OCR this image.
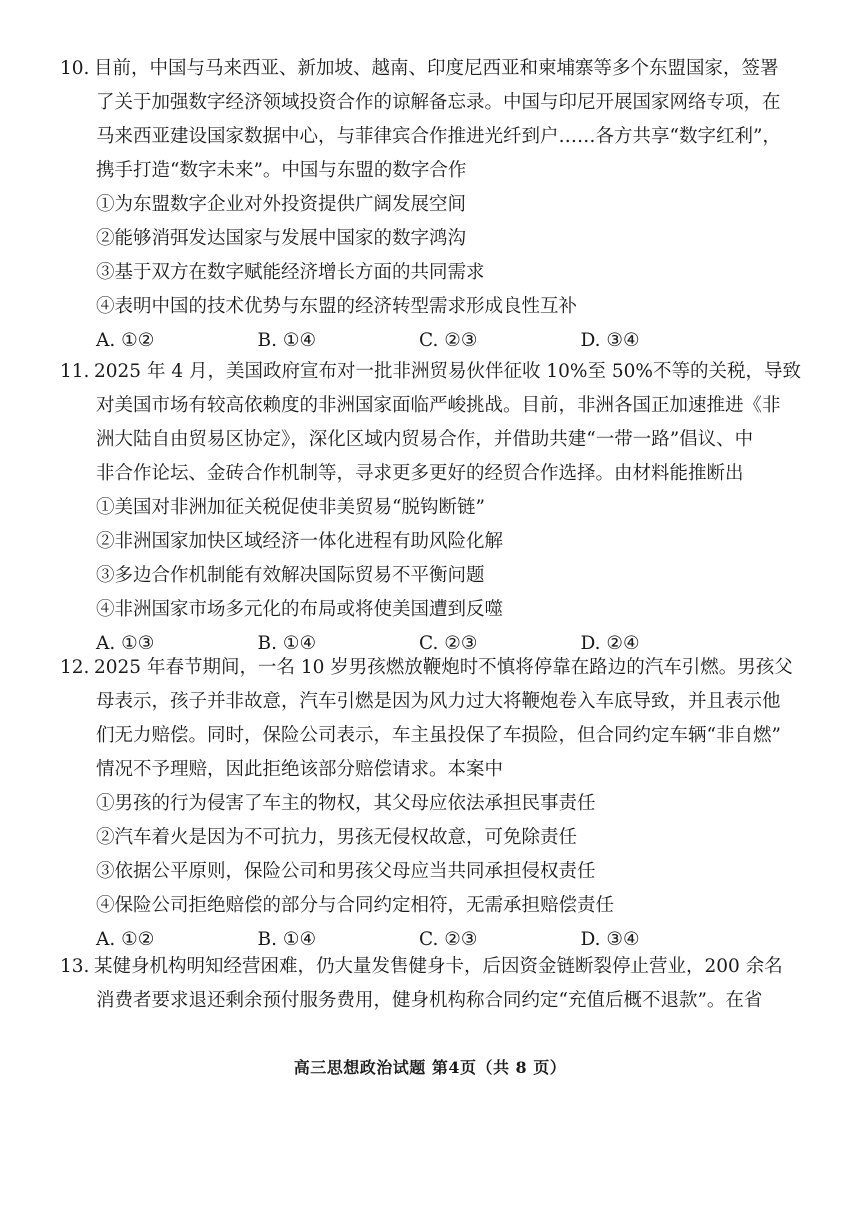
10. 目前，中国与马来西亚、新加坡、越南、印度尼西亚和柬埔寨等多个东盟国家，签署
了关于加强数字经济领域投资合作的谅解备忘录。中国与印尼开展国家网络专项，在
马来西亚建设国家数据中心，与菲律宾合作推进光纤到户……各方共享“数字红利”，
携手打造“数字未来”。中国与东盟的数字合作
①为东盟数字企业对外投资提供广阔发展空间
②能够消弭发达国家与发展中国家的数字鸿沟
③基于双方在数字赋能经济增长方面的共同需求
④表明中国的技术优势与东盟的经济转型需求形成良性互补
A. ①②	B. ①④	C. ②③	D. ③④
11. 2025 年 4 月，美国政府宣布对一批非洲贸易伙伴征收 10%至 50%不等的关税，导致
对美国市场有较高依赖度的非洲国家面临严峻挑战。目前，非洲各国正加速推进《非
洲大陆自由贸易区协定》，深化区域内贸易合作，并借助共建“一带一路”倡议、中
非合作论坛、金砖合作机制等，寻求更多更好的经贸合作选择。由材料能推断出
①美国对非洲加征关税促使非美贸易“脱钩断链”
②非洲国家加快区域经济一体化进程有助风险化解
③多边合作机制能有效解决国际贸易不平衡问题
④非洲国家市场多元化的布局或将使美国遭到反噬
A. ①③	B. ①④	C. ②③	D. ②④
12. 2025 年春节期间，一名 10 岁男孩燃放鞭炮时不慎将停靠在路边的汽车引燃。男孩父
母表示，孩子并非故意，汽车引燃是因为风力过大将鞭炮卷入车底导致，并且表示他
们无力赔偿。同时，保险公司表示，车主虽投保了车损险，但合同约定车辆“非自燃”
情况不予理赔，因此拒绝该部分赔偿请求。本案中
①男孩的行为侵害了车主的物权，其父母应依法承担民事责任
②汽车着火是因为不可抗力，男孩无侵权故意，可免除责任
③依据公平原则，保险公司和男孩父母应当共同承担侵权责任
④保险公司拒绝赔偿的部分与合同约定相符，无需承担赔偿责任
A. ①②	B. ①④	C. ②③	D. ③④
13. 某健身机构明知经营困难，仍大量发售健身卡，后因资金链断裂停止营业，200 余名
消费者要求退还剩余预付服务费用，健身机构称合同约定“充值后概不退款”。在省
高三思想政治试题 第4页（共 8 页）
